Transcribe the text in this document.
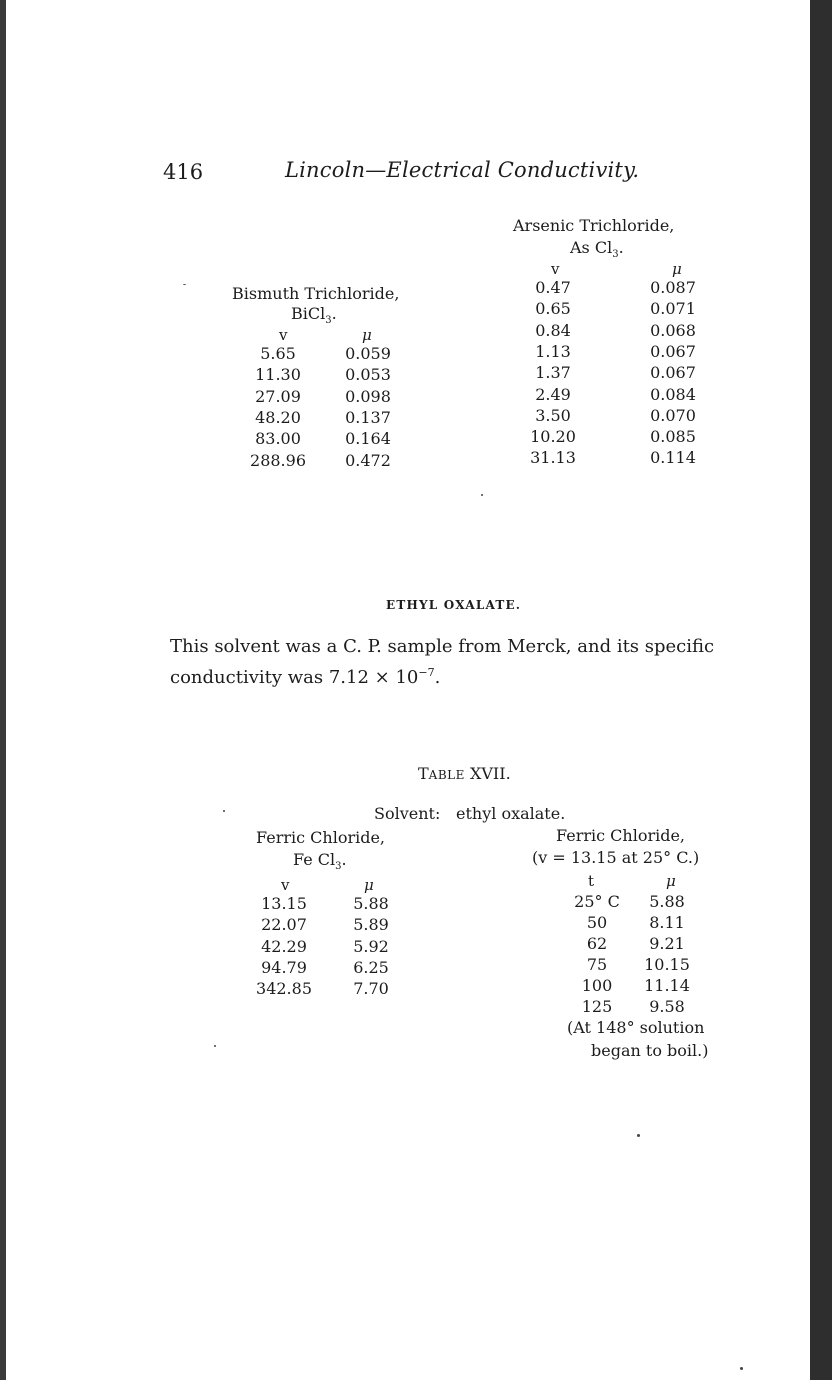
416	Lincoln—Electrical Conductivity.
Arsenic Trichloride,
As $Cl_3$.
v	μ
0.47	0.087
0.65	0.071
0.84	0.068
1.13	0.067
1.37	0.067
2.49	0.084
3.50	0.070
10.20	0.085
31.13	0.114
Bismuth Trichloride,
BiCl$_3$.
v	μ
5.65	0.059
11.30	0.053
27.09	0.098
48.20	0.137
83.00	0.164
288.96 0.472
ETHYL OXALATE.
This solvent was a C. P. sample from Merck, and its specific
conductivity was $7.12 \times 10^{-7}$.
TABLE XVII.
Solvent: ethyl oxalate.
Ferric Chloride,
Fe $Cl_3$.
v	μ
13.15	5.88
22.07	5.89
42.29	5.92
94.79	6.25
342.85	7.70
Ferric Chloride,
(v = 13.15 at 25° C.)
t	μ
25° C 5.88
50	8.11
62	9.21
75 10.15
100 11.14
125 9.58
(At 148° solution
began to boil.)
